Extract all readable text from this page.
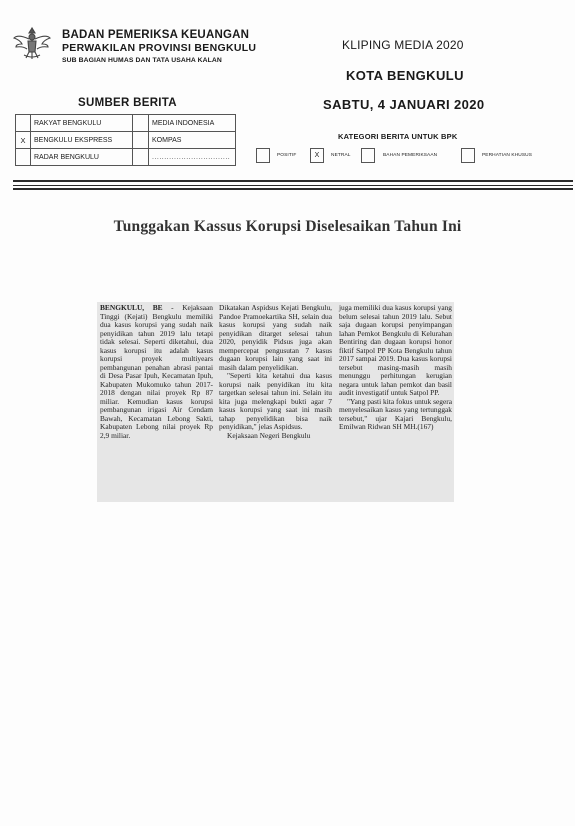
BADAN PEMERIKSA KEUANGAN
PERWAKILAN PROVINSI BENGKULU
SUB BAGIAN HUMAS DAN TATA USAHA KALAN
KLIPING MEDIA 2020
KOTA BENGKULU
SABTU, 4 JANUARI 2020
SUMBER BERITA
	RAKYAT BENGKULU		MEDIA INDONESIA
X	BENGKULU EKSPRESS		KOMPAS
	RADAR BENGKULU		................................
KATEGORI BERITA UNTUK BPK
POSITIF	X	NETRAL	BAHAN PEMERIKSAAN	PERHATIAN KHUSUS
Tunggakan Kassus Korupsi Diselesaikan Tahun Ini

BENGKULU, BE - Kejaksaan Tinggi (Kejati) Bengkulu memiliki dua kasus korupsi yang sudah naik penyidikan tahun 2019 lalu tetapi tidak selesai. Seperti diketahui, dua kasus korupsi itu adalah kasus korupsi proyek multiyears pembangunan penahan abrasi pantai di Desa Pasar Ipuh, Kecamatan Ipuh, Kabupaten Mukomuko tahun 2017-2018 dengan nilai proyek Rp 87 miliar. Kemudian kasus korupsi pembangunan irigasi Air Cendam Bawah, Kecamatan Lebong Sakti, Kabupaten Lebong nilai proyek Rp 2,9 miliar.

Dikatakan Aspidsus Kejati Bengkulu, Pandoe Pramoekartika SH, selain dua kasus korupsi yang sudah naik penyidikan ditarget selesai tahun 2020, penyidik Pidsus juga akan mempercepat pengusutan 7 kasus dugaan korupsi lain yang saat ini masih dalam penyelidikan.

"Seperti kita ketahui dua kasus korupsi naik penyidikan itu kita targetkan selesai tahun ini. Selain itu kita juga melengkapi bukti agar 7 kasus korupsi yang saat ini masih tahap penyelidikan bisa naik penyidikan," jelas Aspidsus.

Kejaksaan Negeri Bengkulu

juga memiliki dua kasus korupsi yang belum selesai tahun 2019 lalu. Sebut saja dugaan korupsi penyimpangan lahan Pemkot Bengkulu di Kelurahan Bentiring dan dugaan korupsi honor fiktif Satpol PP Kota Bengkulu tahun 2017 sampai 2019. Dua kasus korupsi tersebut masing-masih masih menunggu perhitungan kerugian negara untuk lahan pemkot dan basil audit investigatif untuk Satpol PP.

"Yang pasti kita fokus untuk segera menyelesaikan kasus yang tertunggak tersebut," ujar Kajari Bengkulu, Emilwan Ridwan SH MH.(167)
